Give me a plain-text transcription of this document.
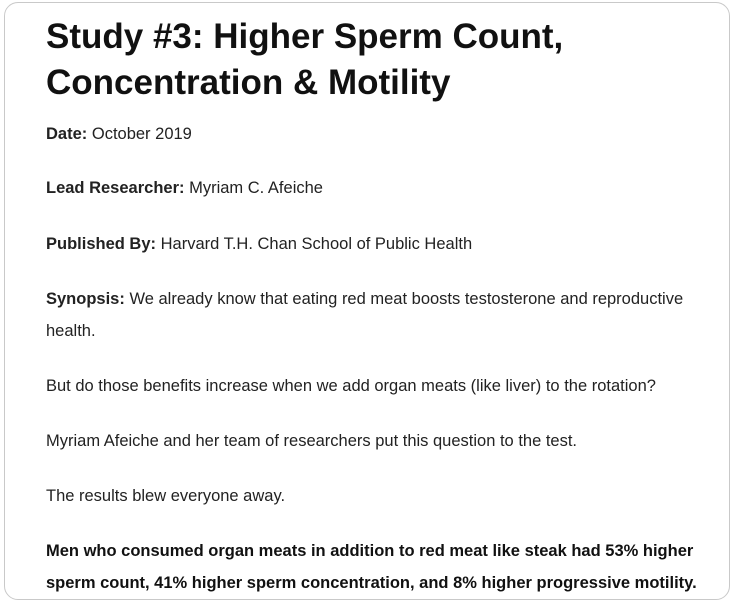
Study #3: Higher Sperm Count,
Concentration & Motility

Date: October 2019

Lead Researcher: Myriam C. Afeiche

Published By: Harvard T.H. Chan School of Public Health

Synopsis: We already know that eating red meat boosts testosterone and reproductive health.

But do those benefits increase when we add organ meats (like liver) to the rotation?

Myriam Afeiche and her team of researchers put this question to the test.

The results blew everyone away.

Men who consumed organ meats in addition to red meat like steak had 53% higher sperm count, 41% higher sperm concentration, and 8% higher progressive motility.
